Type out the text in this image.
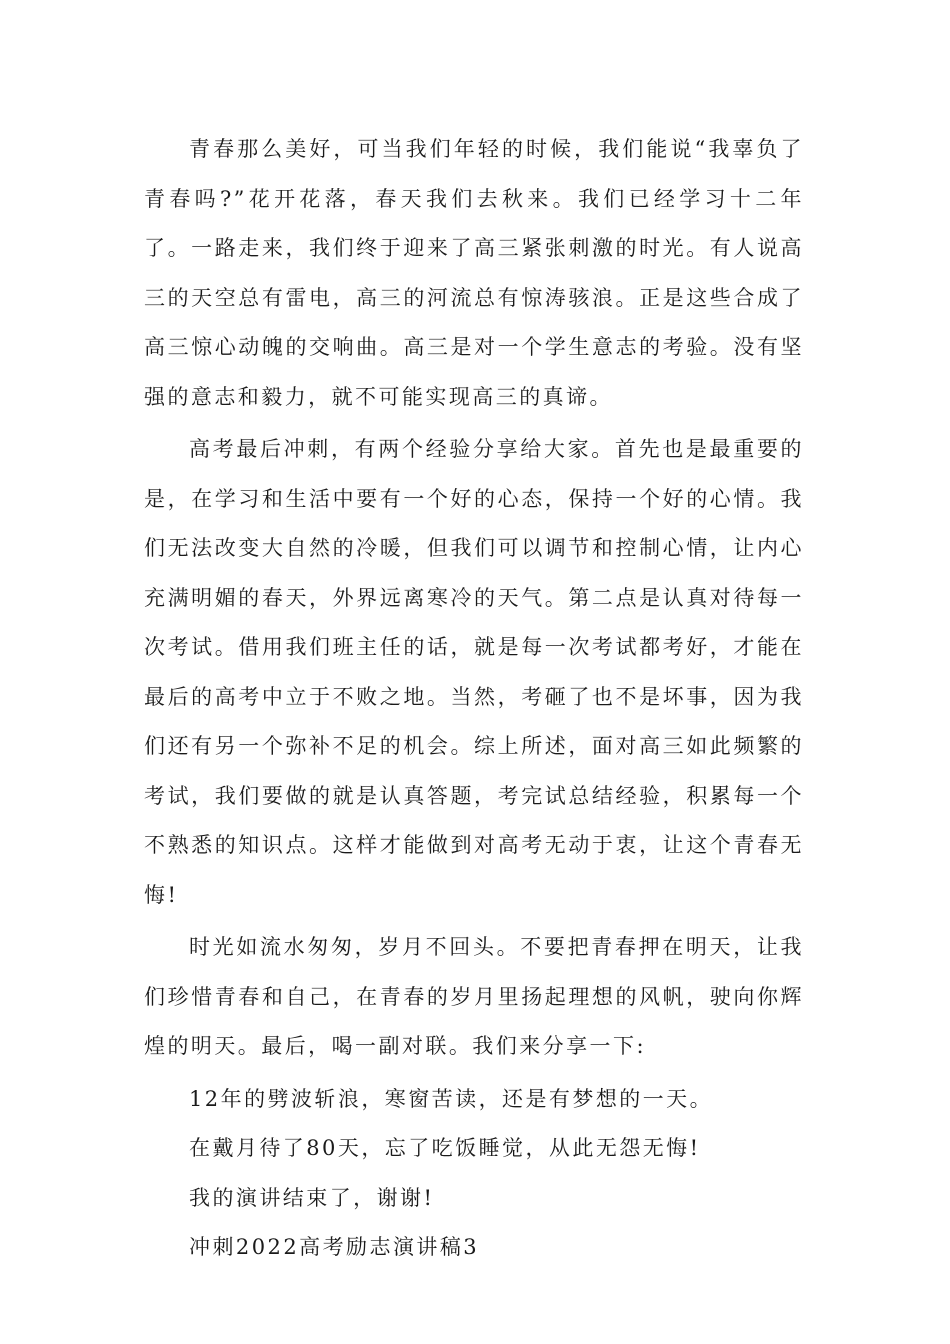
青春那么美好，可当我们年轻的时候，我们能说“我辜负了青春吗?”花开花落，春天我们去秋来。我们已经学习十二年了。一路走来，我们终于迎来了高三紧张刺激的时光。有人说高三的天空总有雷电，高三的河流总有惊涛骇浪。正是这些合成了高三惊心动魄的交响曲。高三是对一个学生意志的考验。没有坚强的意志和毅力，就不可能实现高三的真谛。

高考最后冲刺，有两个经验分享给大家。首先也是最重要的是，在学习和生活中要有一个好的心态，保持一个好的心情。我们无法改变大自然的冷暖，但我们可以调节和控制心情，让内心充满明媚的春天，外界远离寒冷的天气。第二点是认真对待每一次考试。借用我们班主任的话，就是每一次考试都考好，才能在最后的高考中立于不败之地。当然，考砸了也不是坏事，因为我们还有另一个弥补不足的机会。综上所述，面对高三如此频繁的考试，我们要做的就是认真答题，考完试总结经验，积累每一个不熟悉的知识点。这样才能做到对高考无动于衷，让这个青春无悔!

时光如流水匆匆，岁月不回头。不要把青春押在明天，让我们珍惜青春和自己，在青春的岁月里扬起理想的风帆，驶向你辉煌的明天。最后，喝一副对联。我们来分享一下:

12年的劈波斩浪，寒窗苦读，还是有梦想的一天。

在戴月待了80天，忘了吃饭睡觉，从此无怨无悔!

我的演讲结束了，谢谢!

冲刺2022高考励志演讲稿3
